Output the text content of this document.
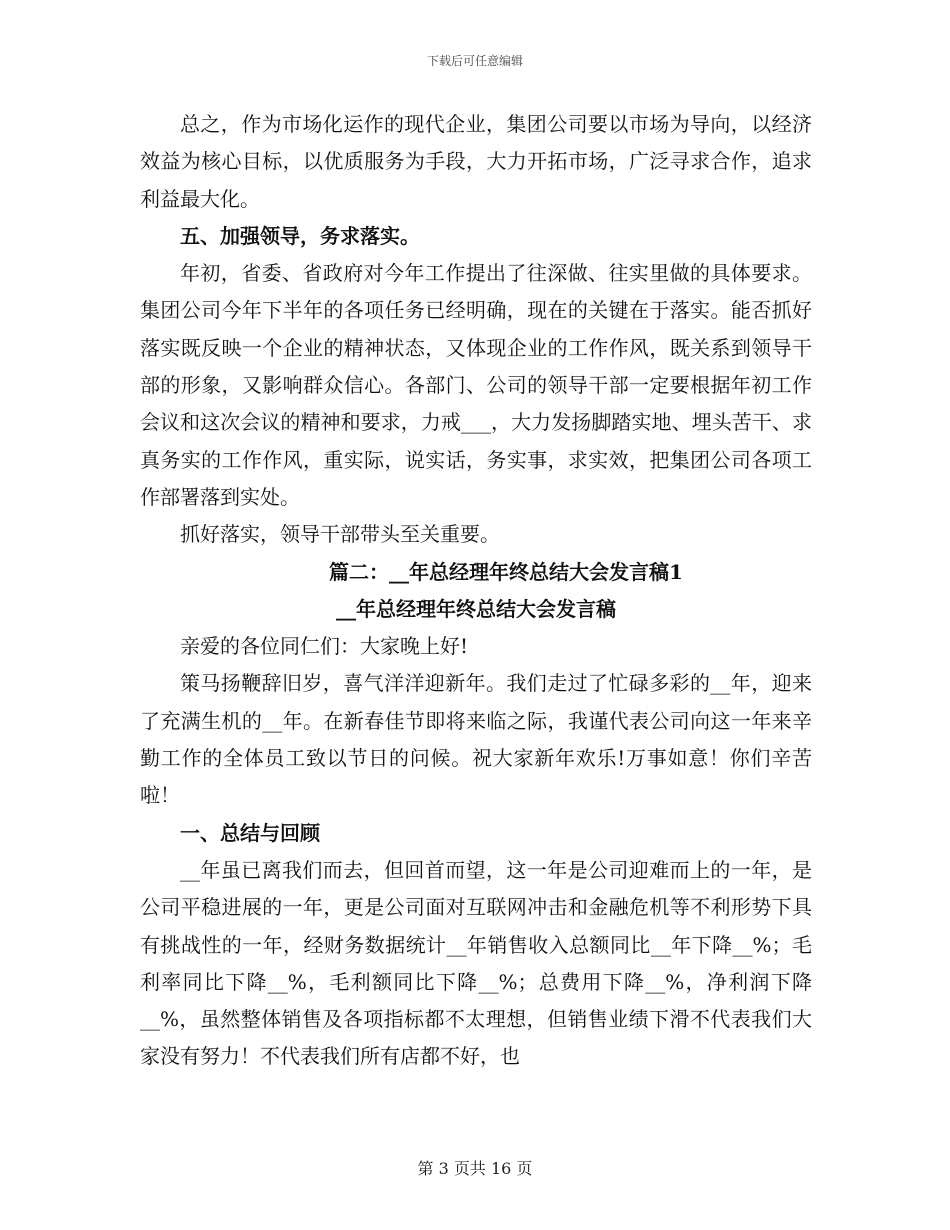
下载后可任意编辑

总之，作为市场化运作的现代企业，集团公司要以市场为导向，以经济效益为核心目标，以优质服务为手段，大力开拓市场，广泛寻求合作，追求利益最大化。

五、加强领导，务求落实。

年初，省委、省政府对今年工作提出了往深做、往实里做的具体要求。集团公司今年下半年的各项任务已经明确，现在的关键在于落实。能否抓好落实既反映一个企业的精神状态，又体现企业的工作作风，既关系到领导干部的形象，又影响群众信心。各部门、公司的领导干部一定要根据年初工作会议和这次会议的精神和要求，力戒___，大力发扬脚踏实地、埋头苦干、求真务实的工作作风，重实际，说实话，务实事，求实效，把集团公司各项工作部署落到实处。

抓好落实，领导干部带头至关重要。

篇二：__年总经理年终总结大会发言稿1

__年总经理年终总结大会发言稿

亲爱的各位同仁们：大家晚上好!

策马扬鞭辞旧岁，喜气洋洋迎新年。我们走过了忙碌多彩的__年，迎来了充满生机的__年。在新春佳节即将来临之际，我谨代表公司向这一年来辛勤工作的全体员工致以节日的问候。祝大家新年欢乐!万事如意！你们辛苦啦！

一、总结与回顾

__年虽已离我们而去，但回首而望，这一年是公司迎难而上的一年，是公司平稳进展的一年，更是公司面对互联网冲击和金融危机等不利形势下具有挑战性的一年，经财务数据统计__年销售收入总额同比__年下降__%；毛利率同比下降__%，毛利额同比下降__%；总费用下降__%，净利润下降__%，虽然整体销售及各项指标都不太理想，但销售业绩下滑不代表我们大家没有努力！不代表我们所有店都不好，也

第 3 页共 16 页
